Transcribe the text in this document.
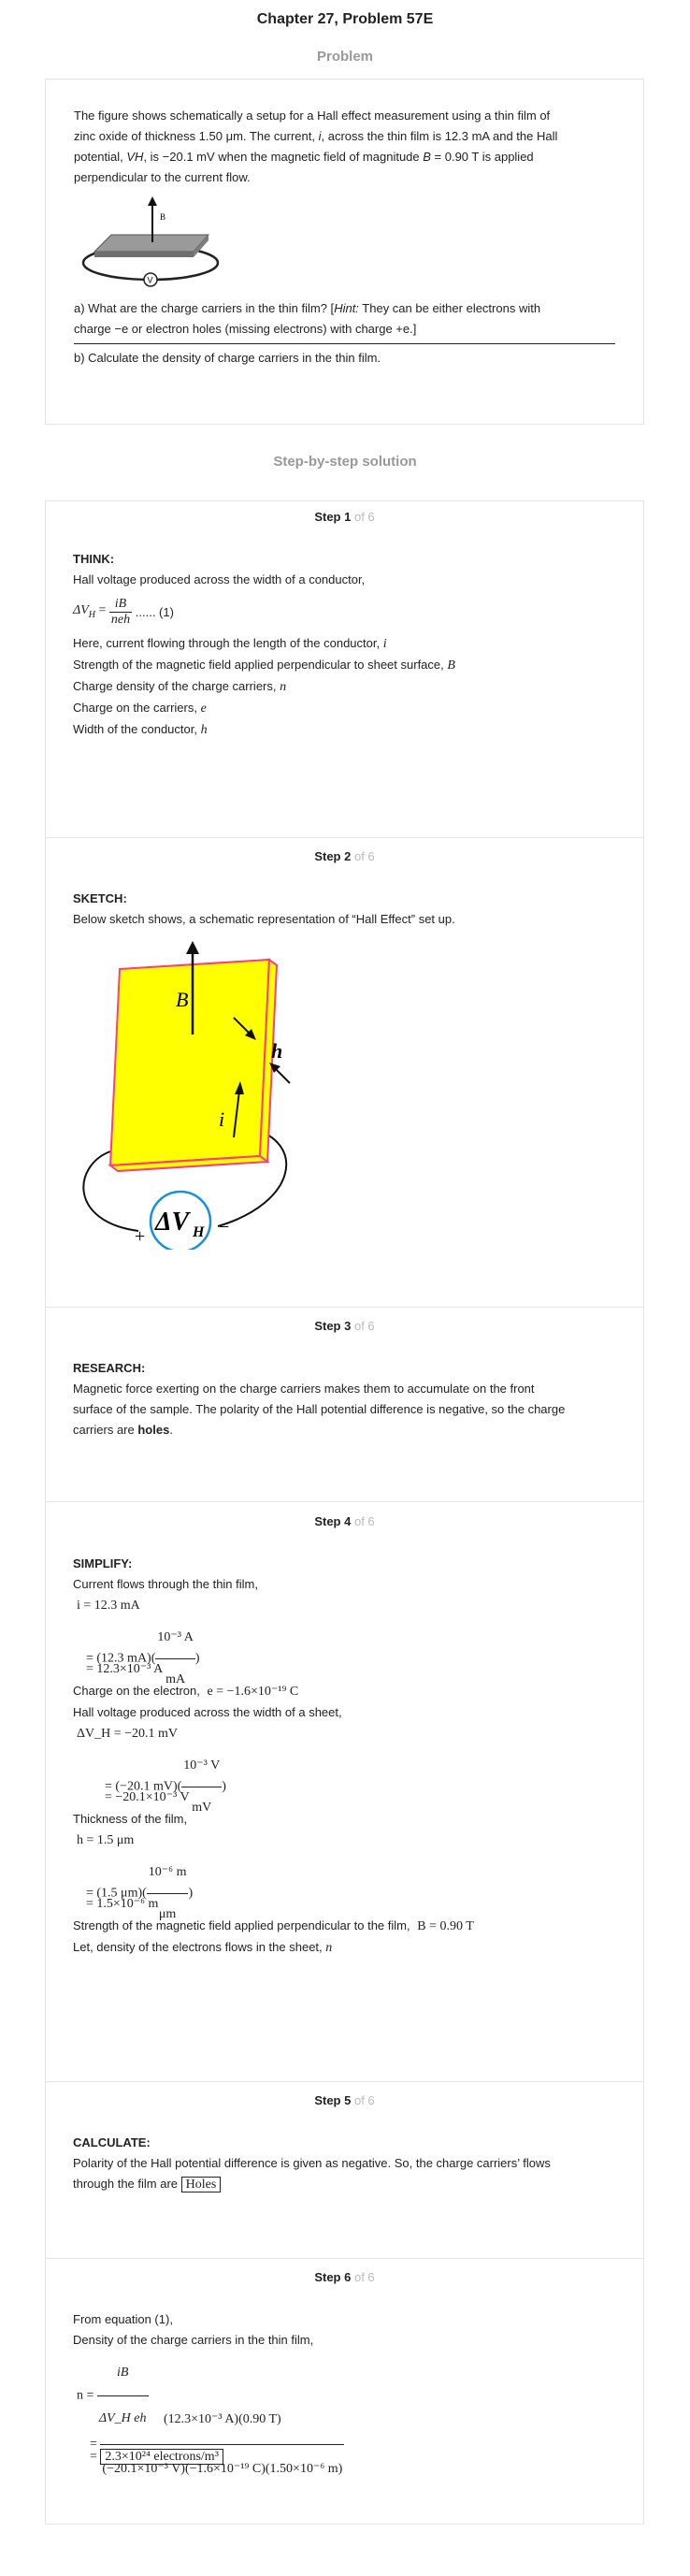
Chapter 27, Problem 57E
Problem

The figure shows schematically a setup for a Hall effect measurement using a thin film of
zinc oxide of thickness 1.50 μm. The current, i, across the thin film is 12.3 mA and the Hall
potential, VH, is −20.1 mV when the magnetic field of magnitude B = 0.90 T is applied
perpendicular to the current flow.

B
V

a) What are the charge carriers in the thin film? [Hint: They can be either electrons with
charge −e or electron holes (missing electrons) with charge +e.]

b) Calculate the density of charge carriers in the thin film.

Step-by-step solution
Step 1 of 6

THINK:

Hall voltage produced across the width of a conductor,

$\Delta V_H = \frac{iB}{\text{neh}}$ ...... (1)

Here, current flowing through the length of the conductor, i

Strength of the magnetic field applied perpendicular to sheet surface, B

Charge density of the charge carriers, n

Charge on the carriers, e

Width of the conductor, h

Step 2 of 6

SKETCH:

Below sketch shows, a schematic representation of “Hall Effect” set up.

B
h
i
ΔV H
+	−
Step 3 of 6

RESEARCH:

Magnetic force exerting on the charge carriers makes them to accumulate on the front
surface of the sample. The polarity of the Hall potential difference is negative, so the charge
carriers are holes.

Step 4 of 6

SIMPLIFY:

Current flows through the thin film,

i = 12.3 mA
= (12.3 $mA)( \frac{\text{10⁻³ A}}{mA}$ )
= 12.3×10⁻³ A

Charge on the electron, e = −1.6×10⁻¹⁹ C

Hall voltage produced across the width of a sheet,

ΔV_H = −20.1 mV
= (−20.1 $mV)( \frac{\text{10⁻³ V}}{mV}$ )
= −20.1×10⁻³ V

Thickness of the film,

h = 1.5 μm
= (1.5 $\mu m)( \frac{\text{10⁻⁶ m}}{\mu m}$ )
= 1.5×10⁻⁶ m

Strength of the magnetic field applied perpendicular to the film, B = 0.90 T

Let, density of the electrons flows in the sheet, n

Step 5 of 6

CALCULATE:

Polarity of the Hall potential difference is given as negative. So, the charge carriers’ flows
through the film are Holes

Step 6 of 6

From equation (1),

Density of the charge carriers in the thin film,

$n = \frac{iB}{\text{ΔV\_H eh}}$
= $\frac{\text{(12.3×10⁻³ A)(0.90 T)}}{\text{(−20.1×10⁻³ V)(−1.6×10⁻¹⁹ C)(1.50×10⁻⁶ m)}}$
= 2.3×10²⁴ electrons/m³
